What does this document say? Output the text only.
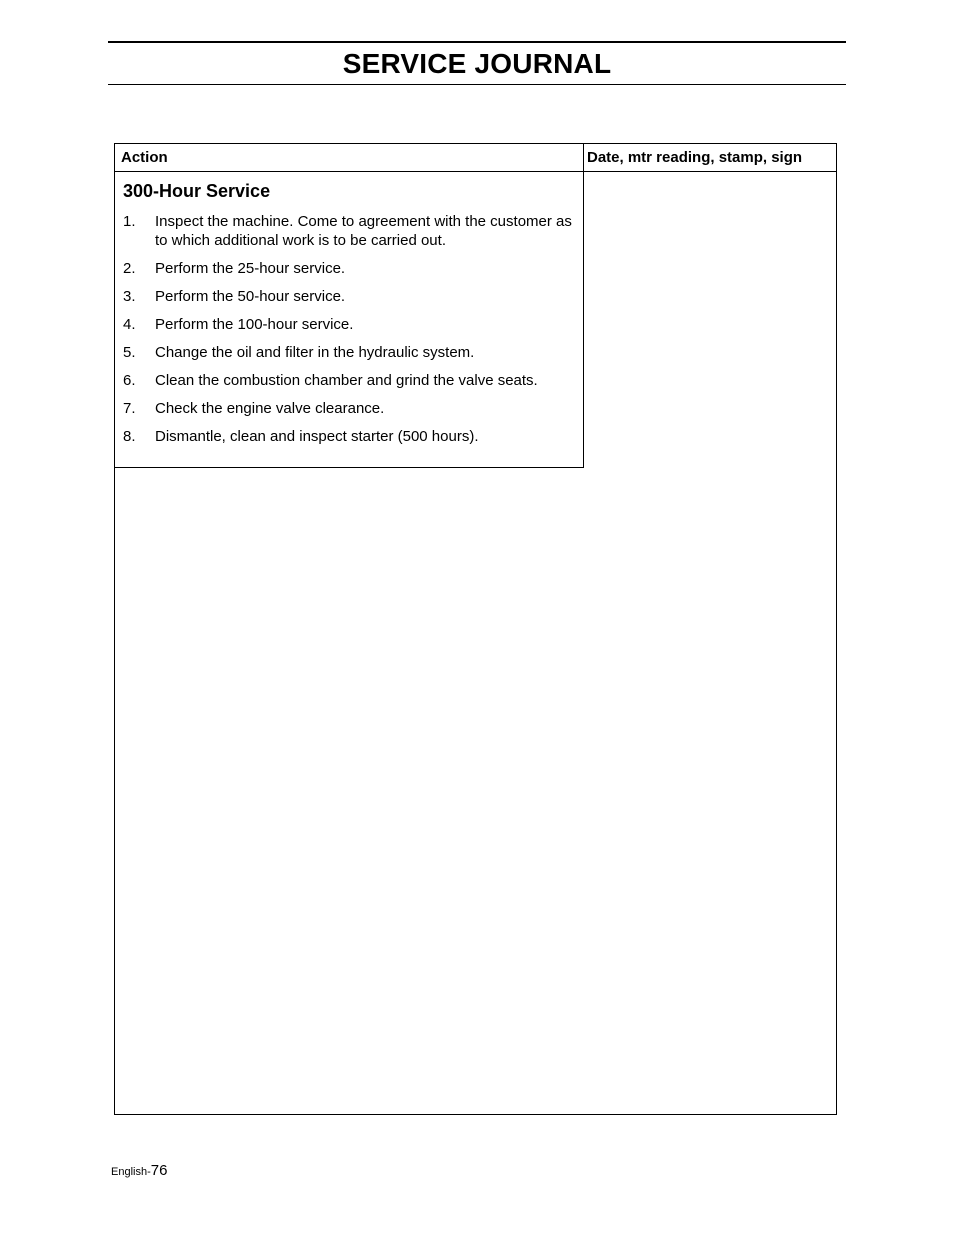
SERVICE JOURNAL
Action	Date, mtr reading, stamp, sign
300-Hour Service
1.	Inspect the machine. Come to agreement with the customer as to which additional work is to be carried out.
2.	Perform the 25-hour service.
3.	Perform the 50-hour service.
4.	Perform the 100-hour service.
5.	Change the oil and filter in the hydraulic system.
6.	Clean the combustion chamber and grind the valve seats.
7.	Check the engine valve clearance.
8.	Dismantle, clean and inspect starter (500 hours).
English-76
